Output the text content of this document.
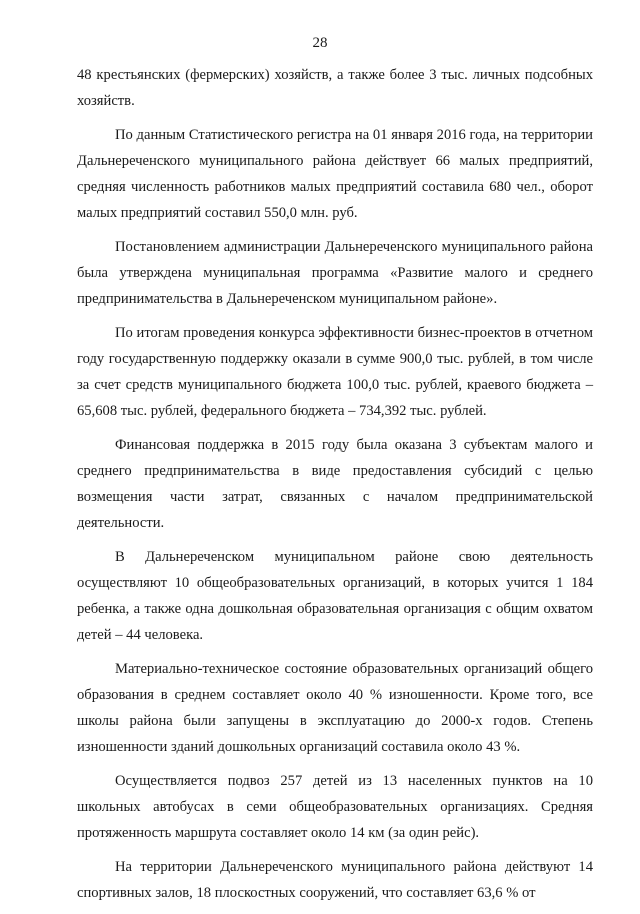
28

48 крестьянских (фермерских) хозяйств, а также более 3 тыс. личных подсобных хозяйств.

По данным Статистического регистра на 01 января 2016 года, на территории Дальнереченского муниципального района действует 66 малых предприятий, средняя численность работников малых предприятий составила 680 чел., оборот малых предприятий составил 550,0 млн. руб.

Постановлением администрации Дальнереченского муниципального района была утверждена муниципальная программа «Развитие малого и среднего предпринимательства в Дальнереченском муниципальном районе».

По итогам проведения конкурса эффективности бизнес-проектов в отчетном году государственную поддержку оказали в сумме 900,0 тыс. рублей, в том числе за счет средств муниципального бюджета 100,0 тыс. рублей, краевого бюджета – 65,608 тыс. рублей, федерального бюджета – 734,392 тыс. рублей.

Финансовая поддержка в 2015 году была оказана 3 субъектам малого и среднего предпринимательства в виде предоставления субсидий с целью возмещения части затрат, связанных с началом предпринимательской деятельности.

В Дальнереченском муниципальном районе свою деятельность осуществляют 10 общеобразовательных организаций, в которых учится 1 184 ребенка, а также одна дошкольная образовательная организация с общим охватом детей – 44 человека.

Материально-техническое состояние образовательных организаций общего образования в среднем составляет около 40 % изношенности. Кроме того, все школы района были запущены в эксплуатацию до 2000-х годов. Степень изношенности зданий дошкольных организаций составила около 43 %.

Осуществляется подвоз 257 детей из 13 населенных пунктов на 10 школьных автобусах в семи общеобразовательных организациях. Средняя протяженность маршрута составляет около 14 км (за один рейс).

На территории Дальнереченского муниципального района действуют 14 спортивных залов, 18 плоскостных сооружений, что составляет 63,6 % от
